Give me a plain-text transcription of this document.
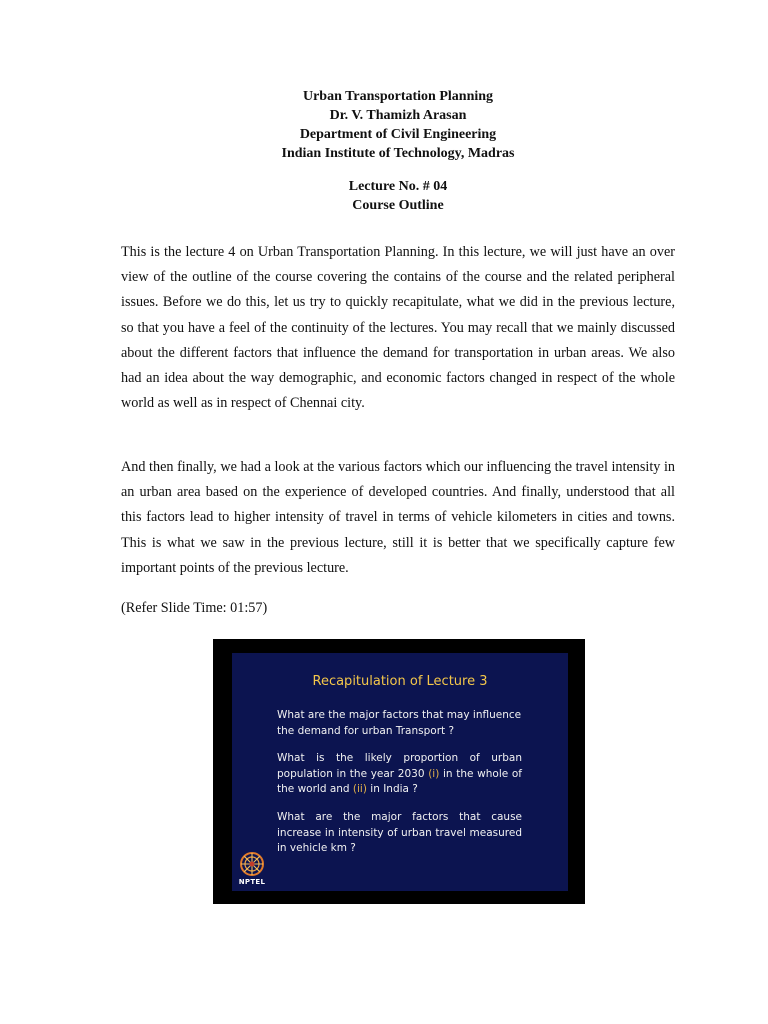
Urban Transportation Planning
Dr. V. Thamizh Arasan
Department of Civil Engineering
Indian Institute of Technology, Madras
Lecture No. # 04
Course Outline

This is the lecture 4 on Urban Transportation Planning. In this lecture, we will just have an over view of the outline of the course covering the contains of the course and the related peripheral issues. Before we do this, let us try to quickly recapitulate, what we did in the previous lecture, so that you have a feel of the continuity of the lectures. You may recall that we mainly discussed about the different factors that influence the demand for transportation in urban areas. We also had an idea about the way demographic, and economic factors changed in respect of the whole world as well as in respect of Chennai city.

And then finally, we had a look at the various factors which our influencing the travel intensity in an urban area based on the experience of developed countries. And finally, understood that all this factors lead to higher intensity of travel in terms of vehicle kilometers in cities and towns. This is what we saw in the previous lecture, still it is better that we specifically capture few important points of the previous lecture.

(Refer Slide Time: 01:57)

Recapitulation of Lecture 3

What are the major factors that may influence the demand for urban Transport ?

What is the likely proportion of urban population in the year 2030 (i) in the whole of the world and (ii) in India ?

What are the major factors that cause increase in intensity of urban travel measured in vehicle km ?

NPTEL
